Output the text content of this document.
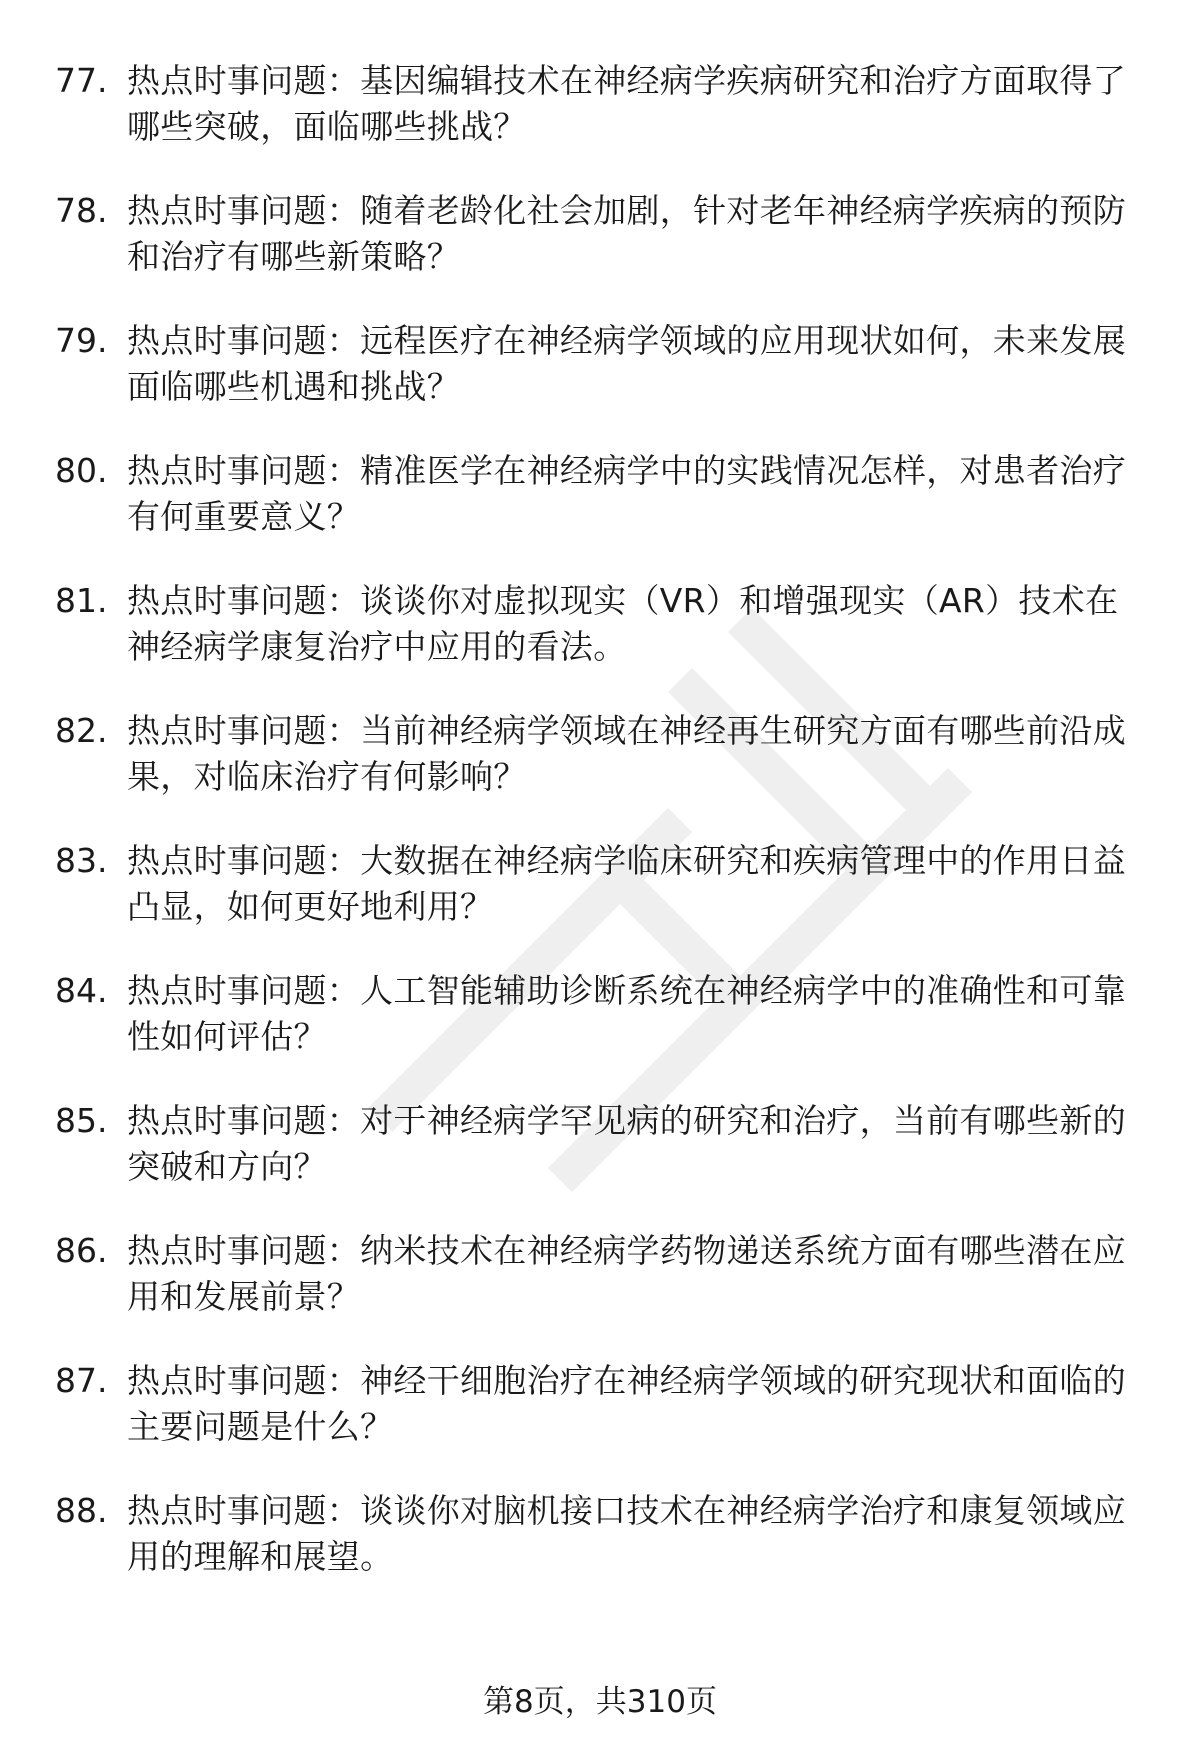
77. 热点时事问题：基因编辑技术在神经病学疾病研究和治疗方面取得了哪些突破，面临哪些挑战？
78. 热点时事问题：随着老龄化社会加剧，针对老年神经病学疾病的预防和治疗有哪些新策略？
79. 热点时事问题：远程医疗在神经病学领域的应用现状如何，未来发展面临哪些机遇和挑战？
80. 热点时事问题：精准医学在神经病学中的实践情况怎样，对患者治疗有何重要意义？
81. 热点时事问题：谈谈你对虚拟现实（VR）和增强现实（AR）技术在神经病学康复治疗中应用的看法。
82. 热点时事问题：当前神经病学领域在神经再生研究方面有哪些前沿成果，对临床治疗有何影响？
83. 热点时事问题：大数据在神经病学临床研究和疾病管理中的作用日益凸显，如何更好地利用？
84. 热点时事问题：人工智能辅助诊断系统在神经病学中的准确性和可靠性如何评估？
85. 热点时事问题：对于神经病学罕见病的研究和治疗，当前有哪些新的突破和方向？
86. 热点时事问题：纳米技术在神经病学药物递送系统方面有哪些潜在应用和发展前景？
87. 热点时事问题：神经干细胞治疗在神经病学领域的研究现状和面临的主要问题是什么？
88. 热点时事问题：谈谈你对脑机接口技术在神经病学治疗和康复领域应用的理解和展望。
第8页，共310页
